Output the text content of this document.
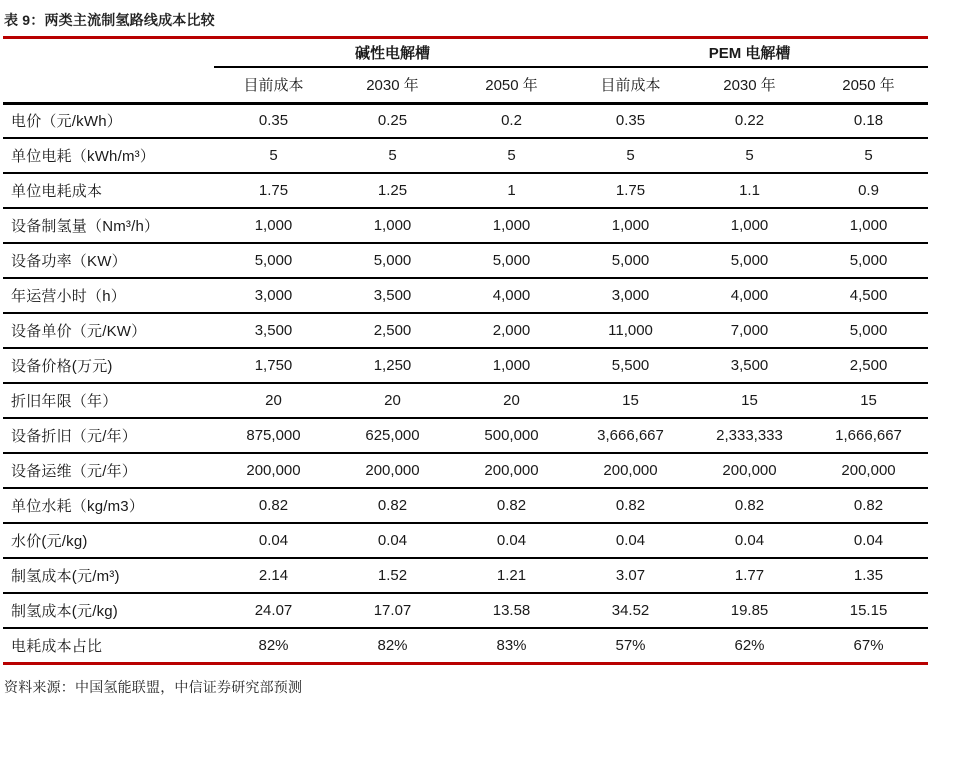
表 9：两类主流制氢路线成本比较
	碱性电解槽			PEM 电解槽		
	目前成本	2030 年	2050 年	目前成本	2030 年	2050 年
电价（元/kWh）	0.35	0.25	0.2	0.35	0.22	0.18
单位电耗（kWh/m³）	5	5	5	5	5	5
单位电耗成本	1.75	1.25	1	1.75	1.1	0.9
设备制氢量（Nm³/h）	1,000	1,000	1,000	1,000	1,000	1,000
设备功率（KW）	5,000	5,000	5,000	5,000	5,000	5,000
年运营小时（h）	3,000	3,500	4,000	3,000	4,000	4,500
设备单价（元/KW）	3,500	2,500	2,000	11,000	7,000	5,000
设备价格(万元)	1,750	1,250	1,000	5,500	3,500	2,500
折旧年限（年）	20	20	20	15	15	15
设备折旧（元/年）	875,000	625,000	500,000	3,666,667	2,333,333	1,666,667
设备运维（元/年）	200,000	200,000	200,000	200,000	200,000	200,000
单位水耗（kg/m3）	0.82	0.82	0.82	0.82	0.82	0.82
水价(元/kg)	0.04	0.04	0.04	0.04	0.04	0.04
制氢成本(元/m³)	2.14	1.52	1.21	3.07	1.77	1.35
制氢成本(元/kg)	24.07	17.07	13.58	34.52	19.85	15.15
电耗成本占比	82%	82%	83%	57%	62%	67%
资料来源：中国氢能联盟，中信证券研究部预测
